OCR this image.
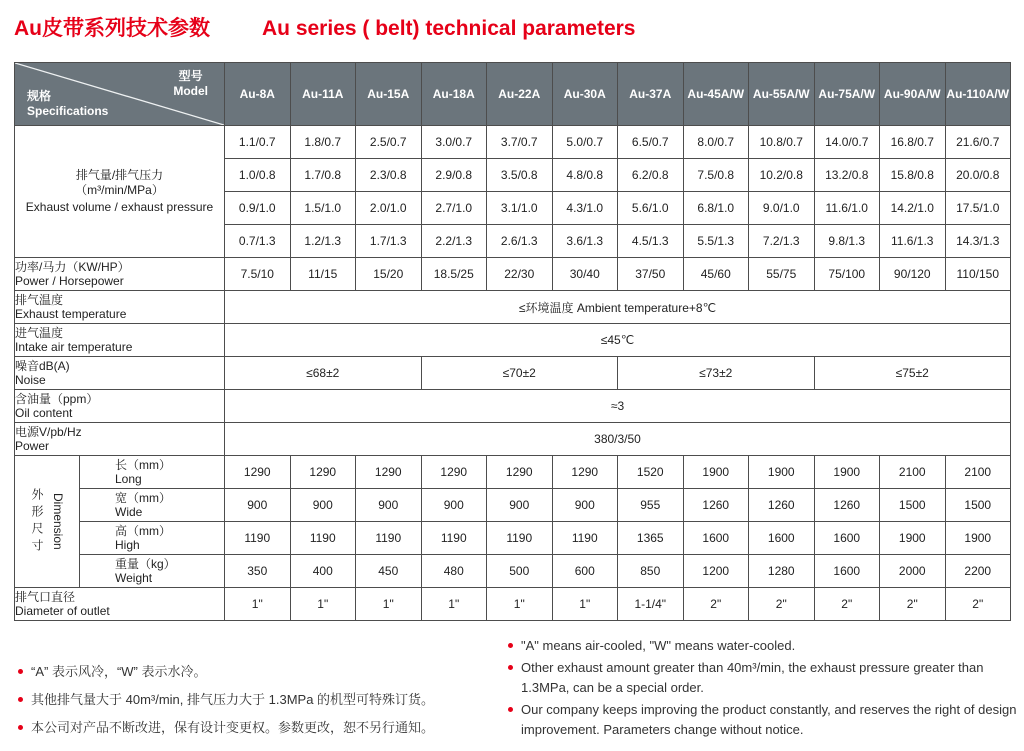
Au皮带系列技术参数 Au series ( belt) technical parameters
型号
Model
规格
Specifications		Au-8A	Au-11A	Au-15A	Au-18A	Au-22A	Au-30A	Au-37A	Au-45A/W	Au-55A/W	Au-75A/W	Au-90A/W	Au-110A/W

排气量/排气压力
（m³/min/MPa）
Exhaust volume / exhaust pressure		1.1/0.7	1.8/0.7	2.5/0.7	3.0/0.7	3.7/0.7	5.0/0.7	6.5/0.7	8.0/0.7	10.8/0.7	14.0/0.7	16.8/0.7	21.6/0.7
		1.0/0.8	1.7/0.8	2.3/0.8	2.9/0.8	3.5/0.8	4.8/0.8	6.2/0.8	7.5/0.8	10.2/0.8	13.2/0.8	15.8/0.8	20.0/0.8
		0.9/1.0	1.5/1.0	2.0/1.0	2.7/1.0	3.1/1.0	4.3/1.0	5.6/1.0	6.8/1.0	9.0/1.0	11.6/1.0	14.2/1.0	17.5/1.0
		0.7/1.3	1.2/1.3	1.7/1.3	2.2/1.3	2.6/1.3	3.6/1.3	4.5/1.3	5.5/1.3	7.2/1.3	9.8/1.3	11.6/1.3	14.3/1.3

功率/马力（KW/HP）
Power / Horsepower		7.5/10	11/15	15/20	18.5/25	22/30	30/40	37/50	45/60	55/75	75/100	90/120	110/150

排气温度
Exhaust temperature		≤环境温度 Ambient temperature+8℃											

进气温度
Intake air temperature		≤45℃											

噪音dB(A)
Noise		≤68±2			≤70±2			≤73±2			≤75±2		

含油量（ppm）
Oil content		≈3											

电源V/pb/Hz
Power		380/3/50											

外形尺寸 Dimension

长（mm）
Long	1290	1290	1290	1290	1290	1290	1520	1900	1900	1900	2100	2100

	宽（mm）
Wide	900	900	900	900	900	900	955	1260	1260	1260	1500	1500

	高（mm）
High	1190	1190	1190	1190	1190	1190	1365	1600	1600	1600	1900	1900

	重量（kg）
Weight	350	400	450	480	500	600	850	1200	1280	1600	2000	2200

排气口直径
Diameter of outlet		1"	1"	1"	1"	1"	1"	1-1/4"	2"	2"	2"	2"	2"
“A” 表示风冷，“W” 表示水冷。
其他排气量大于 40m³/min, 排气压力大于 1.3MPa 的机型可特殊订货。
本公司对产品不断改进，保有设计变更权。参数更改，恕不另行通知。
"A" means air-cooled, "W" means water-cooled.
Other exhaust amount greater than 40m³/min, the exhaust pressure greater than 1.3MPa, can be a special order.
Our company keeps improving the product constantly, and reserves the right of design improvement. Parameters change without notice.
